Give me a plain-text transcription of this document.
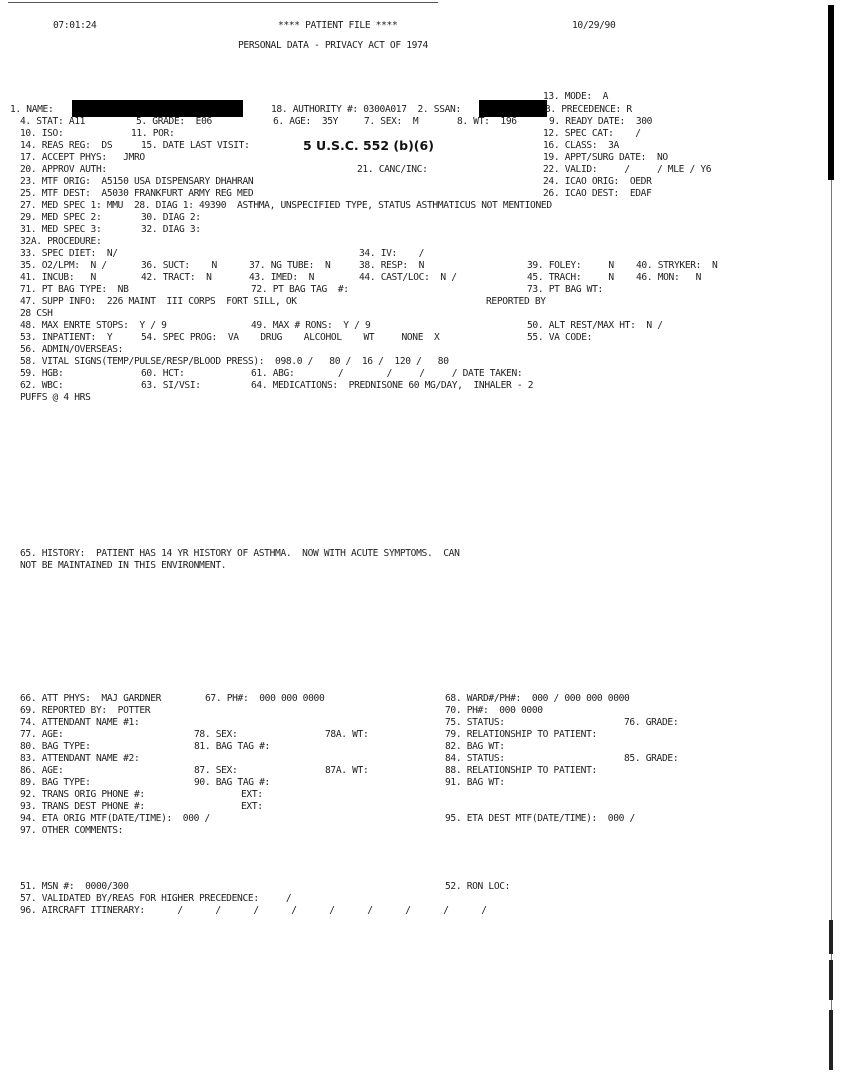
07:01:24	**** PATIENT FILE ****	10/29/90
PERSONAL DATA - PRIVACY ACT OF 1974
5 U.S.C. 552 (b)(6)
13. MODE:  A
1. NAME:	18. AUTHORITY #: 0300A017  2. SSAN:	3. PRECEDENCE: R
4. STAT: A11	5. GRADE:  E06	6. AGE:  35Y	7. SEX:  M	8. WT:  196	9. READY DATE:  300
10. ISO:	11. POR:	12. SPEC CAT:    /
14. REAS REG:  DS	15. DATE LAST VISIT:	16. CLASS:  3A
17. ACCEPT PHYS:   JMRO	19. APPT/SURG DATE:  NO
20. APPROV AUTH:	21. CANC/INC:	22. VALID:     /     / MLE / Y6
23. MTF ORIG:  A5150 USA DISPENSARY DHAHRAN	24. ICAO ORIG:  OEDR
25. MTF DEST:  A5030 FRANKFURT ARMY REG MED	26. ICAO DEST:  EDAF
27. MED SPEC 1: MMU  28. DIAG 1: 49390  ASTHMA, UNSPECIFIED TYPE, STATUS ASTHMATICUS NOT MENTIONED
29. MED SPEC 2:	30. DIAG 2:
31. MED SPEC 3:	32. DIAG 3:
32A. PROCEDURE:
33. SPEC DIET:  N/	34. IV:    /
35. O2/LPM:  N /	36. SUCT:    N	37. NG TUBE:  N	38. RESP:  N	39. FOLEY:     N 40. STRYKER:  N
41. INCUB:   N	42. TRACT:  N	43. IMED:  N	44. CAST/LOC:  N /	45. TRACH:     N 46. MON:   N
71. PT BAG TYPE:  NB	72. PT BAG TAG  #:	73. PT BAG WT:
47. SUPP INFO:  226 MAINT  III CORPS  FORT SILL, OK	REPORTED BY
28 CSH
48. MAX ENRTE STOPS:  Y / 9	49. MAX # RONS:  Y / 9	50. ALT REST/MAX HT:  N /
53. INPATIENT:  Y	54. SPEC PROG:  VA    DRUG    ALCOHOL    WT     NONE  X	55. VA CODE:
56. ADMIN/OVERSEAS:
58. VITAL SIGNS(TEMP/PULSE/RESP/BLOOD PRESS):  098.0 /   80 /  16 /  120 /   80
59. HGB:	60. HCT:	61. ABG:        /        /     /     / DATE TAKEN:
62. WBC:	63. SI/VSI:	64. MEDICATIONS:  PREDNISONE 60 MG/DAY,  INHALER - 2
PUFFS @ 4 HRS
65. HISTORY:  PATIENT HAS 14 YR HISTORY OF ASTHMA.  NOW WITH ACUTE SYMPTOMS.  CAN
NOT BE MAINTAINED IN THIS ENVIRONMENT.
66. ATT PHYS:  MAJ GARDNER	67. PH#:  000 000 0000	68. WARD#/PH#:  000 / 000 000 0000
69. REPORTED BY:  POTTER	70. PH#:  000 0000
74. ATTENDANT NAME #1:	75. STATUS:	76. GRADE:
77. AGE:	78. SEX:	78A. WT:	79. RELATIONSHIP TO PATIENT:
80. BAG TYPE:	81. BAG TAG #:	82. BAG WT:
83. ATTENDANT NAME #2:	84. STATUS:	85. GRADE:
86. AGE:	87. SEX:	87A. WT:	88. RELATIONSHIP TO PATIENT:
89. BAG TYPE:	90. BAG TAG #:	91. BAG WT:
92. TRANS ORIG PHONE #:	EXT:
93. TRANS DEST PHONE #:	EXT:
94. ETA ORIG MTF(DATE/TIME):  000 /	95. ETA DEST MTF(DATE/TIME):  000 /
97. OTHER COMMENTS:
51. MSN #:  0000/300	52. RON LOC:
57. VALIDATED BY/REAS FOR HIGHER PRECEDENCE:     /
96. AIRCRAFT ITINERARY:      /      /      /      /      /      /      /      /      /
